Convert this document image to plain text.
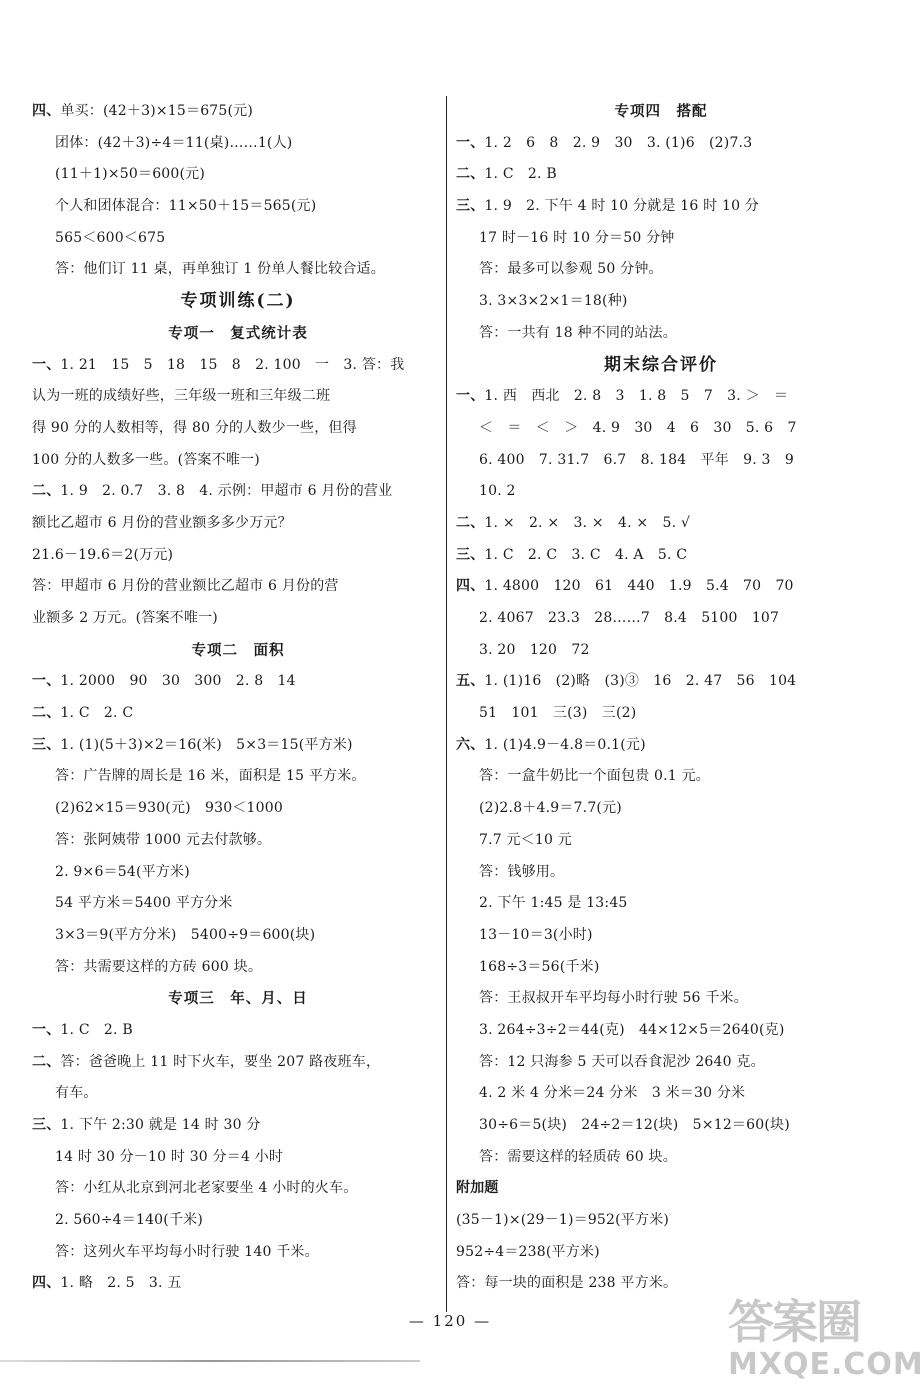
四、单买：(42＋3)×15＝675(元)
团体：(42＋3)÷4＝11(桌)……1(人)
(11＋1)×50＝600(元)
个人和团体混合：11×50＋15＝565(元)
565＜600＜675
答：他们订 11 桌，再单独订 1 份单人餐比较合适。
专项训练(二)
专项一　复式统计表
一、1. 21　15　5　18　15　8　2. 100　一　3. 答：我
认为一班的成绩好些，三年级一班和三年级二班
得 90 分的人数相等，得 80 分的人数少一些，但得
100 分的人数多一些。(答案不唯一)
二、1. 9　2. 0.7　3. 8　4. 示例：甲超市 6 月份的营业
额比乙超市 6 月份的营业额多多少万元？
21.6－19.6＝2(万元)
答：甲超市 6 月份的营业额比乙超市 6 月份的营
业额多 2 万元。(答案不唯一)
专项二　面积
一、1. 2000　90　30　300　2. 8　14
二、1. C　2. C
三、1. (1)(5＋3)×2＝16(米)　5×3＝15(平方米)
答：广告牌的周长是 16 米，面积是 15 平方米。
(2)62×15＝930(元)　930＜1000
答：张阿姨带 1000 元去付款够。
2. 9×6＝54(平方米)
54 平方米＝5400 平方分米
3×3＝9(平方分米)　5400÷9＝600(块)
答：共需要这样的方砖 600 块。
专项三　年、月、日
一、1. C　2. B
二、答：爸爸晚上 11 时下火车，要坐 207 路夜班车，
有车。
三、1. 下午 2:30 就是 14 时 30 分
14 时 30 分－10 时 30 分＝4 小时
答：小红从北京到河北老家要坐 4 小时的火车。
2. 560÷4＝140(千米)
答：这列火车平均每小时行驶 140 千米。
四、1. 略　2. 5　3. 五
专项四　搭配
一、1. 2　6　8　2. 9　30　3. (1)6　(2)7.3
二、1. C　2. B
三、1. 9　2. 下午 4 时 10 分就是 16 时 10 分
17 时－16 时 10 分＝50 分钟
答：最多可以参观 50 分钟。
3. 3×3×2×1＝18(种)
答：一共有 18 种不同的站法。
期末综合评价
一、1. 西　西北　2. 8　3　1. 8　5　7　3. ＞　＝
＜　＝　＜　＞　4. 9　30　4　6　30　5. 6　7
6. 400　7. 31.7　6.7　8. 184　平年　9. 3　9
10. 2
二、1. ×　2. ×　3. ×　4. ×　5. √
三、1. C　2. C　3. C　4. A　5. C
四、1. 4800　120　61　440　1.9　5.4　70　70
2. 4067　23.3　28……7　8.4　5100　107
3. 20　120　72
五、1. (1)16　(2)略　(3)③　16　2. 47　56　104
51　101　三(3)　三(2)
六、1. (1)4.9－4.8＝0.1(元)
答：一盒牛奶比一个面包贵 0.1 元。
(2)2.8＋4.9＝7.7(元)
7.7 元＜10 元
答：钱够用。
2. 下午 1:45 是 13:45
13－10＝3(小时)
168÷3＝56(千米)
答：王叔叔开车平均每小时行驶 56 千米。
3. 264÷3÷2＝44(克)　44×12×5＝2640(克)
答：12 只海参 5 天可以吞食泥沙 2640 克。
4. 2 米 4 分米＝24 分米　3 米＝30 分米
30÷6＝5(块)　24÷2＝12(块)　5×12＝60(块)
答：需要这样的轻质砖 60 块。
附加题
(35－1)×(29－1)＝952(平方米)
952÷4＝238(平方米)
答：每一块的面积是 238 平方米。
— 120 —	答案圈
MXQE.COM
